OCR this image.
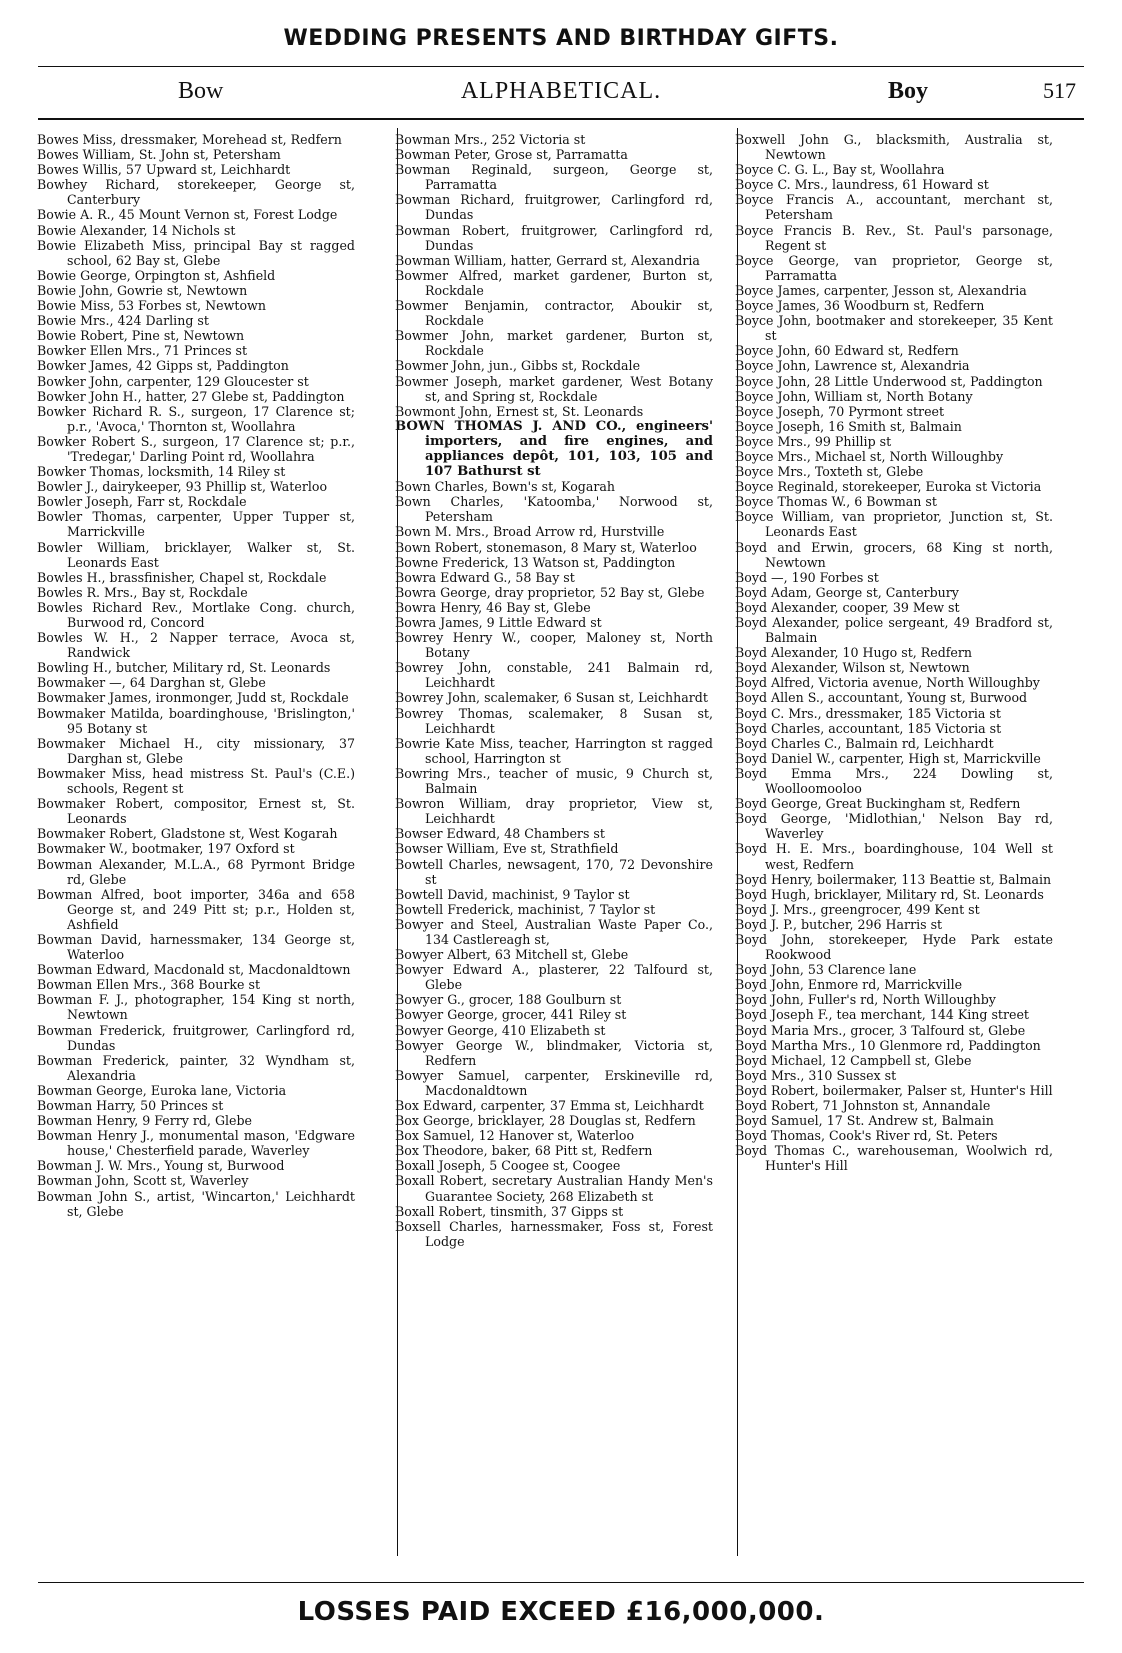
WEDDING PRESENTS AND BIRTHDAY GIFTS.
ALPHABETICAL.
Bow	Boy	517
Bowes Miss, dressmaker, Morehead st, Redfern
Bowes William, St. John st, Petersham
Bowes Willis, 57 Upward st, Leichhardt
Bowhey Richard, storekeeper, George st, Canterbury
Bowie A. R., 45 Mount Vernon st, Forest Lodge
Bowie Alexander, 14 Nichols st
Bowie Elizabeth Miss, principal Bay st ragged school, 62 Bay st, Glebe
Bowie George, Orpington st, Ashfield
Bowie John, Gowrie st, Newtown
Bowie Miss, 53 Forbes st, Newtown
Bowie Mrs., 424 Darling st
Bowie Robert, Pine st, Newtown
Bowker Ellen Mrs., 71 Princes st
Bowker James, 42 Gipps st, Paddington
Bowker John, carpenter, 129 Gloucester st
Bowker John H., hatter, 27 Glebe st, Paddington
Bowker Richard R. S., surgeon, 17 Clarence st; p.r., 'Avoca,' Thornton st, Woollahra
Bowker Robert S., surgeon, 17 Clarence st; p.r., 'Tredegar,' Darling Point rd, Woollahra
Bowker Thomas, locksmith, 14 Riley st
Bowler J., dairykeeper, 93 Phillip st, Waterloo
Bowler Joseph, Farr st, Rockdale
Bowler Thomas, carpenter, Upper Tupper st, Marrickville
Bowler William, bricklayer, Walker st, St. Leonards East
Bowles H., brassfinisher, Chapel st, Rockdale
Bowles R. Mrs., Bay st, Rockdale
Bowles Richard Rev., Mortlake Cong. church, Burwood rd, Concord
Bowles W. H., 2 Napper terrace, Avoca st, Randwick
Bowling H., butcher, Military rd, St. Leonards
Bowmaker —, 64 Darghan st, Glebe
Bowmaker James, ironmonger, Judd st, Rockdale
Bowmaker Matilda, boardinghouse, 'Brislington,' 95 Botany st
Bowmaker Michael H., city missionary, 37 Darghan st, Glebe
Bowmaker Miss, head mistress St. Paul's (C.E.) schools, Regent st
Bowmaker Robert, compositor, Ernest st, St. Leonards
Bowmaker Robert, Gladstone st, West Kogarah
Bowmaker W., bootmaker, 197 Oxford st
Bowman Alexander, M.L.A., 68 Pyrmont Bridge rd, Glebe
Bowman Alfred, boot importer, 346a and 658 George st, and 249 Pitt st; p.r., Holden st, Ashfield
Bowman David, harnessmaker, 134 George st, Waterloo
Bowman Edward, Macdonald st, Macdonaldtown
Bowman Ellen Mrs., 368 Bourke st
Bowman F. J., photographer, 154 King st north, Newtown
Bowman Frederick, fruitgrower, Carlingford rd, Dundas
Bowman Frederick, painter, 32 Wyndham st, Alexandria
Bowman George, Euroka lane, Victoria
Bowman Harry, 50 Princes st
Bowman Henry, 9 Ferry rd, Glebe
Bowman Henry J., monumental mason, 'Edgware house,' Chesterfield parade, Waverley
Bowman J. W. Mrs., Young st, Burwood
Bowman John, Scott st, Waverley
Bowman John S., artist, 'Wincarton,' Leichhardt st, Glebe
Bowman Mrs., 252 Victoria st
Bowman Peter, Grose st, Parramatta
Bowman Reginald, surgeon, George st, Parramatta
Bowman Richard, fruitgrower, Carlingford rd, Dundas
Bowman Robert, fruitgrower, Carlingford rd, Dundas
Bowman William, hatter, Gerrard st, Alexandria
Bowmer Alfred, market gardener, Burton st, Rockdale
Bowmer Benjamin, contractor, Aboukir st, Rockdale
Bowmer John, market gardener, Burton st, Rockdale
Bowmer John, jun., Gibbs st, Rockdale
Bowmer Joseph, market gardener, West Botany st, and Spring st, Rockdale
Bowmont John, Ernest st, St. Leonards
BOWN THOMAS J. AND CO., engineers' importers, and fire engines, and appliances depôt, 101, 103, 105 and 107 Bathurst st
Bown Charles, Bown's st, Kogarah
Bown Charles, 'Katoomba,' Norwood st, Petersham
Bown M. Mrs., Broad Arrow rd, Hurstville
Bown Robert, stonemason, 8 Mary st, Waterloo
Bowne Frederick, 13 Watson st, Paddington
Bowra Edward G., 58 Bay st
Bowra George, dray proprietor, 52 Bay st, Glebe
Bowra Henry, 46 Bay st, Glebe
Bowra James, 9 Little Edward st
Bowrey Henry W., cooper, Maloney st, North Botany
Bowrey John, constable, 241 Balmain rd, Leichhardt
Bowrey John, scalemaker, 6 Susan st, Leichhardt
Bowrey Thomas, scalemaker, 8 Susan st, Leichhardt
Bowrie Kate Miss, teacher, Harrington st ragged school, Harrington st
Bowring Mrs., teacher of music, 9 Church st, Balmain
Bowron William, dray proprietor, View st, Leichhardt
Bowser Edward, 48 Chambers st
Bowser William, Eve st, Strathfield
Bowtell Charles, newsagent, 170, 72 Devonshire st
Bowtell David, machinist, 9 Taylor st
Bowtell Frederick, machinist, 7 Taylor st
Bowyer and Steel, Australian Waste Paper Co., 134 Castlereagh st,
Bowyer Albert, 63 Mitchell st, Glebe
Bowyer Edward A., plasterer, 22 Talfourd st, Glebe
Bowyer G., grocer, 188 Goulburn st
Bowyer George, grocer, 441 Riley st
Bowyer George, 410 Elizabeth st
Bowyer George W., blindmaker, Victoria st, Redfern
Bowyer Samuel, carpenter, Erskineville rd, Macdonaldtown
Box Edward, carpenter, 37 Emma st, Leichhardt
Box George, bricklayer, 28 Douglas st, Redfern
Box Samuel, 12 Hanover st, Waterloo
Box Theodore, baker, 68 Pitt st, Redfern
Boxall Joseph, 5 Coogee st, Coogee
Boxall Robert, secretary Australian Handy Men's Guarantee Society, 268 Elizabeth st
Boxall Robert, tinsmith, 37 Gipps st
Boxsell Charles, harnessmaker, Foss st, Forest Lodge
Boxwell John G., blacksmith, Australia st, Newtown
Boyce C. G. L., Bay st, Woollahra
Boyce C. Mrs., laundress, 61 Howard st
Boyce Francis A., accountant, merchant st, Petersham
Boyce Francis B. Rev., St. Paul's parsonage, Regent st
Boyce George, van proprietor, George st, Parramatta
Boyce James, carpenter, Jesson st, Alexandria
Boyce James, 36 Woodburn st, Redfern
Boyce John, bootmaker and storekeeper, 35 Kent st
Boyce John, 60 Edward st, Redfern
Boyce John, Lawrence st, Alexandria
Boyce John, 28 Little Underwood st, Paddington
Boyce John, William st, North Botany
Boyce Joseph, 70 Pyrmont street
Boyce Joseph, 16 Smith st, Balmain
Boyce Mrs., 99 Phillip st
Boyce Mrs., Michael st, North Willoughby
Boyce Mrs., Toxteth st, Glebe
Boyce Reginald, storekeeper, Euroka st Victoria
Boyce Thomas W., 6 Bowman st
Boyce William, van proprietor, Junction st, St. Leonards East
Boyd and Erwin, grocers, 68 King st north, Newtown
Boyd —, 190 Forbes st
Boyd Adam, George st, Canterbury
Boyd Alexander, cooper, 39 Mew st
Boyd Alexander, police sergeant, 49 Bradford st, Balmain
Boyd Alexander, 10 Hugo st, Redfern
Boyd Alexander, Wilson st, Newtown
Boyd Alfred, Victoria avenue, North Willoughby
Boyd Allen S., accountant, Young st, Burwood
Boyd C. Mrs., dressmaker, 185 Victoria st
Boyd Charles, accountant, 185 Victoria st
Boyd Charles C., Balmain rd, Leichhardt
Boyd Daniel W., carpenter, High st, Marrickville
Boyd Emma Mrs., 224 Dowling st, Woolloomooloo
Boyd George, Great Buckingham st, Redfern
Boyd George, 'Midlothian,' Nelson Bay rd, Waverley
Boyd H. E. Mrs., boardinghouse, 104 Well st west, Redfern
Boyd Henry, boilermaker, 113 Beattie st, Balmain
Boyd Hugh, bricklayer, Military rd, St. Leonards
Boyd J. Mrs., greengrocer, 499 Kent st
Boyd J. P., butcher, 296 Harris st
Boyd John, storekeeper, Hyde Park estate Rookwood
Boyd John, 53 Clarence lane
Boyd John, Enmore rd, Marrickville
Boyd John, Fuller's rd, North Willoughby
Boyd Joseph F., tea merchant, 144 King street
Boyd Maria Mrs., grocer, 3 Talfourd st, Glebe
Boyd Martha Mrs., 10 Glenmore rd, Paddington
Boyd Michael, 12 Campbell st, Glebe
Boyd Mrs., 310 Sussex st
Boyd Robert, boilermaker, Palser st, Hunter's Hill
Boyd Robert, 71 Johnston st, Annandale
Boyd Samuel, 17 St. Andrew st, Balmain
Boyd Thomas, Cook's River rd, St. Peters
Boyd Thomas C., warehouseman, Woolwich rd, Hunter's Hill
LOSSES PAID EXCEED £16,000,000.
